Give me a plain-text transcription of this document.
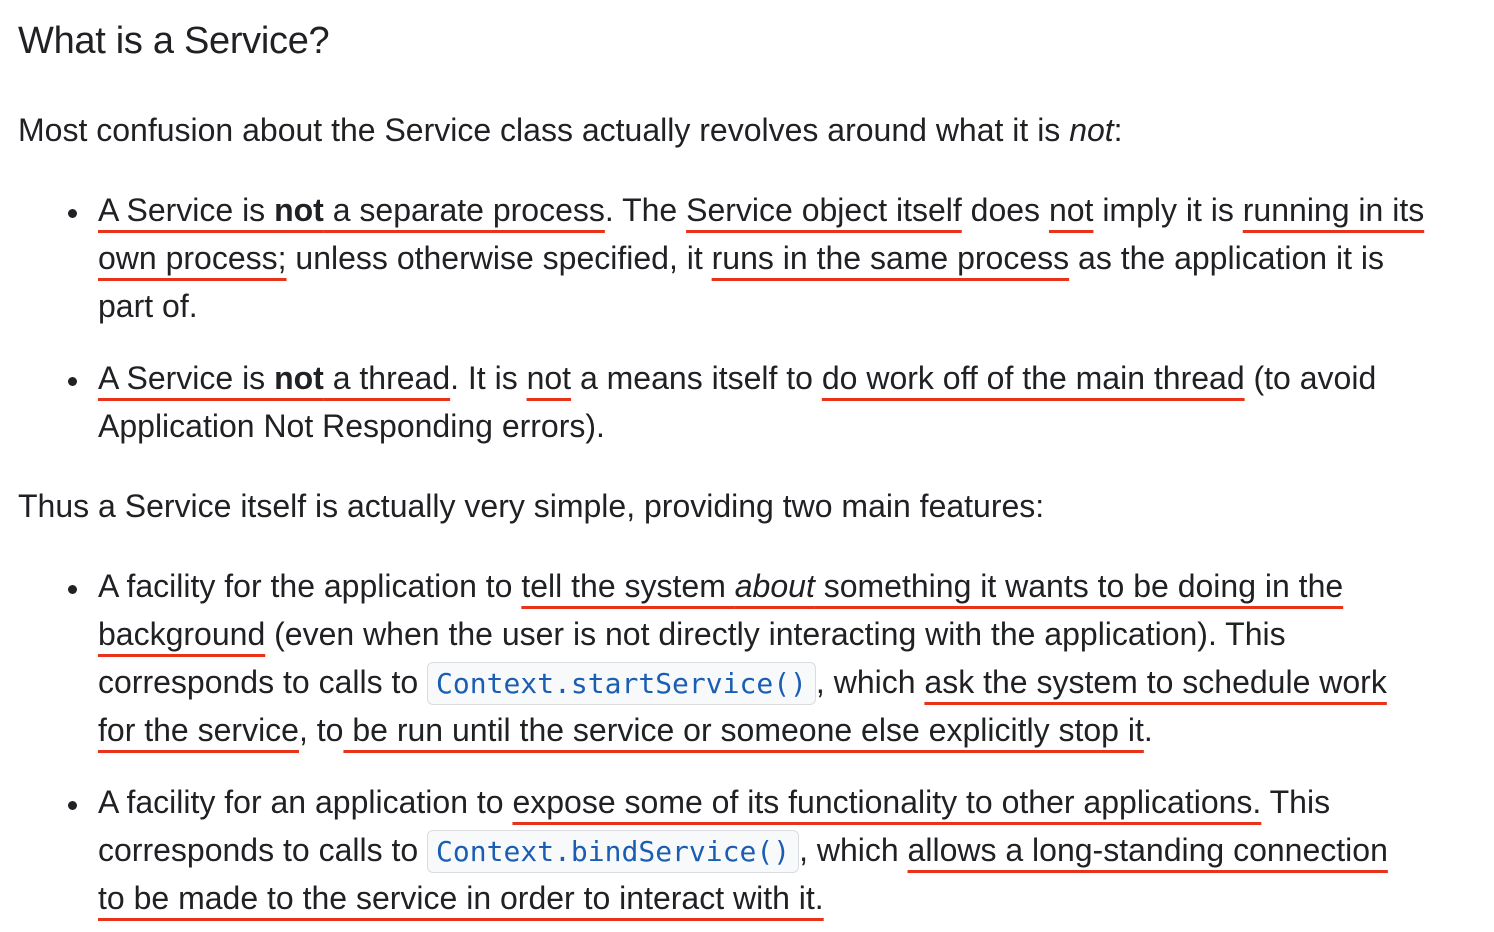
What is a Service?

Most confusion about the Service class actually revolves around what it is not:

A Service is not a separate process. The Service object itself does not imply it is running in its
own process; unless otherwise specified, it runs in the same process as the application it is
part of.
A Service is not a thread. It is not a means itself to do work off of the main thread (to avoid
Application Not Responding errors).

Thus a Service itself is actually very simple, providing two main features:

A facility for the application to tell the system about something it wants to be doing in the
background (even when the user is not directly interacting with the application). This
corresponds to calls to Context.startService() , which ask the system to schedule work
for the service, to be run until the service or someone else explicitly stop it.
A facility for an application to expose some of its functionality to other applications. This
corresponds to calls to Context.bindService() , which allows a long-standing connection
to be made to the service in order to interact with it.
